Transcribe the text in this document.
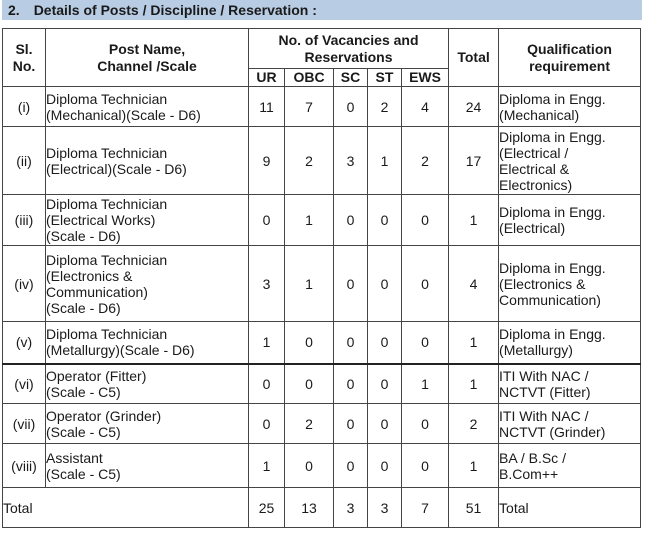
2. Details of Posts / Discipline / Reservation :
Sl.
No.	Post Name,
Channel /Scale	No. of Vacancies and
Reservations					Total	Qualification
requirement
		UR	OBC	SC	ST	EWS		
(i)	Diploma Technician
(Mechanical)(Scale - D6)	11	7	0	2	4	24	Diploma in Engg.
(Mechanical)
(ii)	Diploma Technician
(Electrical)(Scale - D6)	9	2	3	1	2	17	Diploma in Engg.
(Electrical /
Electrical &
Electronics)
(iii)	Diploma Technician
(Electrical Works)
(Scale - D6)	0	1	0	0	0	1	Diploma in Engg.
(Electrical)
(iv)	Diploma Technician
(Electronics &
Communication)
(Scale - D6)	3	1	0	0	0	4	Diploma in Engg.
(Electronics &
Communication)
(v)	Diploma Technician
(Metallurgy)(Scale - D6)	1	0	0	0	0	1	Diploma in Engg.
(Metallurgy)
(vi)	Operator (Fitter)
(Scale - C5)	0	0	0	0	1	1	ITI With NAC /
NCTVT (Fitter)
(vii)	Operator (Grinder)
(Scale - C5)	0	2	0	0	0	2	ITI With NAC /
NCTVT (Grinder)
(viii)	Assistant
(Scale - C5)	1	0	0	0	0	1	BA / B.Sc /
B.Com++
Total		25	13	3	3	7	51	Total
